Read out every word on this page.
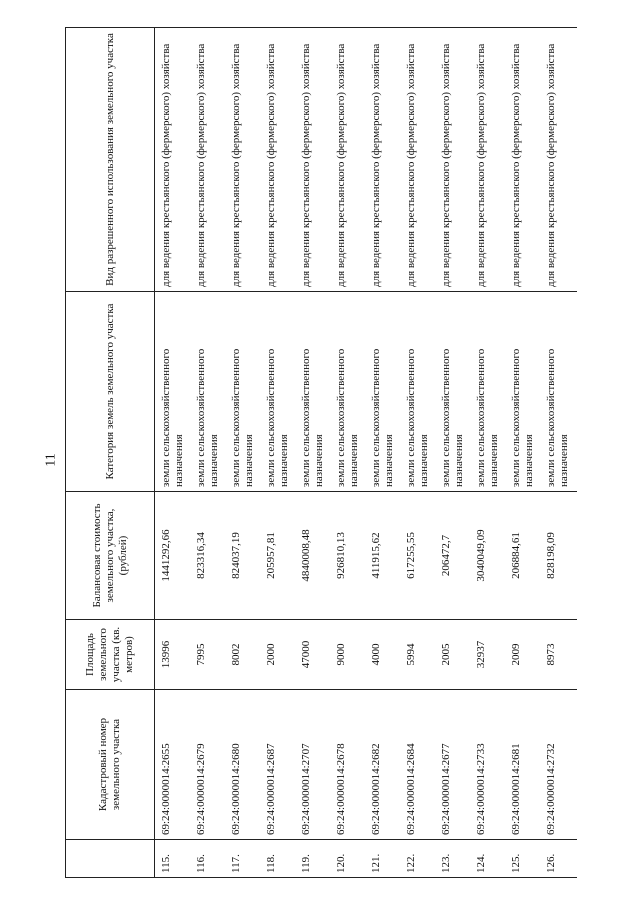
11
	Кадастровый номер земельного участка	Площадь земельного участка (кв. метров)	Балансовая стоимость земельного участка, (рублей)	Категория земель земельного участка	Вид разрешенного использования земельного участка
115.	69:24:0000014:2655	13996	1441292,66	земли сельскохозяйственного назначения	для ведения крестьянского (фермерского) хозяйства
116.	69:24:0000014:2679	7995	823316,34	земли сельскохозяйственного назначения	для ведения крестьянского (фермерского) хозяйства
117.	69:24:0000014:2680	8002	824037,19	земли сельскохозяйственного назначения	для ведения крестьянского (фермерского) хозяйства
118.	69:24:0000014:2687	2000	205957,81	земли сельскохозяйственного назначения	для ведения крестьянского (фермерского) хозяйства
119.	69:24:0000014:2707	47000	4840008,48	земли сельскохозяйственного назначения	для ведения крестьянского (фермерского) хозяйства
120.	69:24:0000014:2678	9000	926810,13	земли сельскохозяйственного назначения	для ведения крестьянского (фермерского) хозяйства
121.	69:24:0000014:2682	4000	411915,62	земли сельскохозяйственного назначения	для ведения крестьянского (фермерского) хозяйства
122.	69:24:0000014:2684	5994	617255,55	земли сельскохозяйственного назначения	для ведения крестьянского (фермерского) хозяйства
123.	69:24:0000014:2677	2005	206472,7	земли сельскохозяйственного назначения	для ведения крестьянского (фермерского) хозяйства
124.	69:24:0000014:2733	32937	3040049,09	земли сельскохозяйственного назначения	для ведения крестьянского (фермерского) хозяйства
125.	69:24:0000014:2681	2009	206884,61	земли сельскохозяйственного назначения	для ведения крестьянского (фермерского) хозяйства
126.	69:24:0000014:2732	8973	828198,09	земли сельскохозяйственного назначения	для ведения крестьянского (фермерского) хозяйства
